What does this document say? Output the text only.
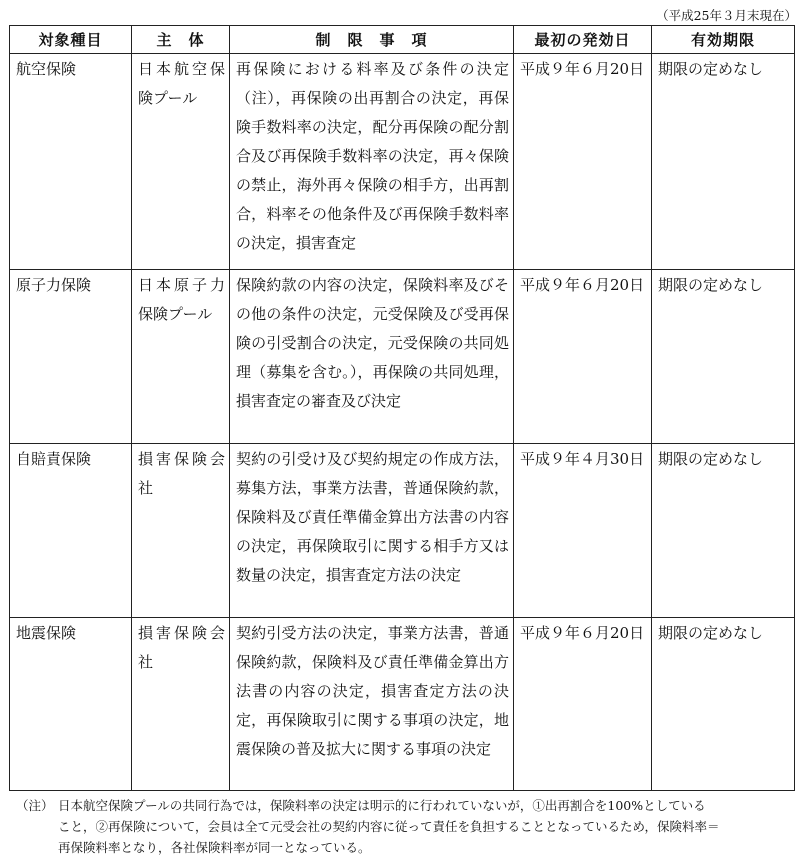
（平成25年３月末現在）
対象種目	主　体	制　限　事　項	最初の発効日	有効期限
航空保険	日本航空保険プール	再保険における料率及び条件の決定（注），再保険の出再割合の決定，再保険手数料率の決定，配分再保険の配分割合及び再保険手数料率の決定，再々保険の禁止，海外再々保険の相手方，出再割合，料率その他条件及び再保険手数料率の決定，損害査定	平成９年６月20日	期限の定めなし
原子力保険	日本原子力保険プール	保険約款の内容の決定，保険料率及びその他の条件の決定，元受保険及び受再保険の引受割合の決定，元受保険の共同処理（募集を含む。），再保険の共同処理，損害査定の審査及び決定	平成９年６月20日	期限の定めなし
自賠責保険	損害保険会社	契約の引受け及び契約規定の作成方法，募集方法，事業方法書，普通保険約款，保険料及び責任準備金算出方法書の内容の決定，再保険取引に関する相手方又は数量の決定，損害査定方法の決定	平成９年４月30日	期限の定めなし
地震保険	損害保険会社	契約引受方法の決定，事業方法書，普通保険約款，保険料及び責任準備金算出方法書の内容の決定，損害査定方法の決定，再保険取引に関する事項の決定，地震保険の普及拡大に関する事項の決定	平成９年６月20日	期限の定めなし
（注） 日本航空保険プールの共同行為では，保険料率の決定は明示的に行われていないが，①出再割合を100%としている
こと，②再保険について，会員は全て元受会社の契約内容に従って責任を負担することとなっているため，保険料率＝
再保険料率となり，各社保険料率が同一となっている。
